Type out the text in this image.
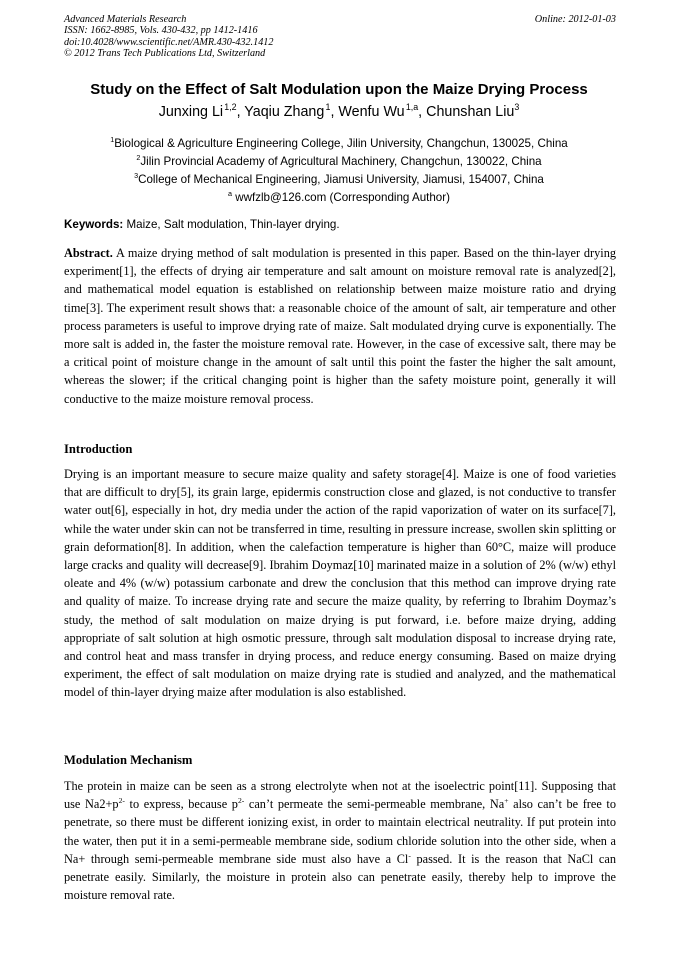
Advanced Materials Research
ISSN: 1662-8985, Vols. 430-432, pp 1412-1416
doi:10.4028/www.scientific.net/AMR.430-432.1412
© 2012 Trans Tech Publications Ltd, Switzerland
Online: 2012-01-03
Study on the Effect of Salt Modulation upon the Maize Drying Process
Junxing Li $^{1,2}$, Yaqiu Zhang $^1$, Wenfu Wu $^{1,a}$, Chunshan Liu$^3$
$^1$Biological & Agriculture Engineering College, Jilin University, Changchun, 130025, China
$^2$Jilin Provincial Academy of Agricultural Machinery, Changchun, 130022, China
$^3$College of Mechanical Engineering, Jiamusi University, Jiamusi, 154007, China
$^a$ wwfzlb@126.com (Corresponding Author)
Keywords: Maize, Salt modulation, Thin-layer drying.
Abstract. A maize drying method of salt modulation is presented in this paper. Based on the thin-layer drying experiment[1], the effects of drying air temperature and salt amount on moisture removal rate is analyzed[2], and mathematical model equation is established on relationship between maize moisture ratio and drying time[3]. The experiment result shows that: a reasonable choice of the amount of salt, air temperature and other process parameters is useful to improve drying rate of maize. Salt modulated drying curve is exponentially. The more salt is added in, the faster the moisture removal rate. However, in the case of excessive salt, there may be a critical point of moisture change in the amount of salt until this point the faster the higher the salt amount, whereas the slower; if the critical changing point is higher than the safety moisture point, generally it will conductive to the maize moisture removal process.
Introduction
Drying is an important measure to secure maize quality and safety storage[4]. Maize is one of food varieties that are difficult to dry[5], its grain large, epidermis construction close and glazed, is not conductive to transfer water out[6], especially in hot, dry media under the action of the rapid vaporization of water on its surface[7], while the water under skin can not be transferred in time, resulting in pressure increase, swollen skin splitting or grain deformation[8]. In addition, when the calefaction temperature is higher than 60°C, maize will produce large cracks and quality will decrease[9]. Ibrahim Doymaz[10] marinated maize in a solution of 2% (w/w) ethyl oleate and 4% (w/w) potassium carbonate and drew the conclusion that this method can improve drying rate and quality of maize. To increase drying rate and secure the maize quality, by referring to Ibrahim Doymaz’s study, the method of salt modulation on maize drying is put forward, i.e. before maize drying, adding appropriate of salt solution at high osmotic pressure, through salt modulation disposal to increase drying rate, and control heat and mass transfer in drying process, and reduce energy consuming. Based on maize drying experiment, the effect of salt modulation on maize drying rate is studied and analyzed, and the mathematical model of thin-layer drying maize after modulation is also established.
Modulation Mechanism
The protein in maize can be seen as a strong electrolyte when not at the isoelectric point[11]. Supposing that use $Na2+p^{2-}$ to express, because $p^{2-}$ can’t permeate the semi-permeable membrane, Na+ also can’t be free to penetrate, so there must be different ionizing exist, in order to maintain electrical neutrality. If put protein into the water, then put it in a semi-permeable membrane side, sodium chloride solution into the other side, when a Na+ through semi-permeable membrane side must also have a Cl- passed. It is the reason that NaCl can penetrate easily. Similarly, the moisture in protein also can penetrate easily, thereby help to improve the moisture removal rate.
